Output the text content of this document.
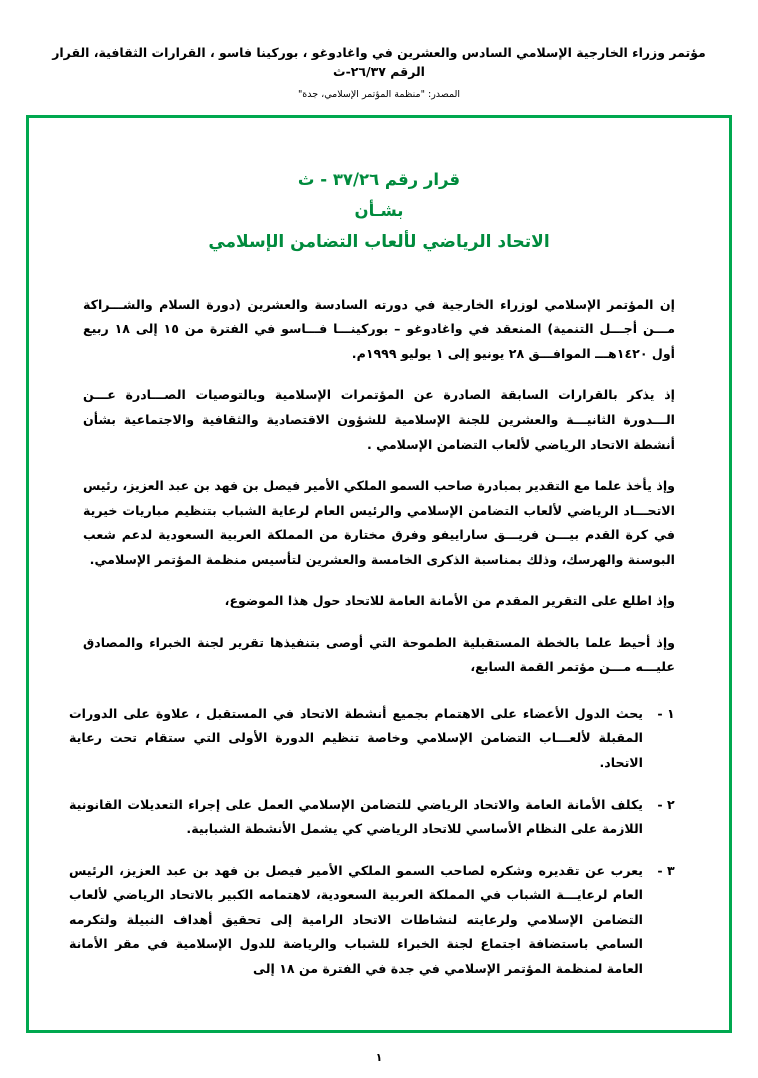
مؤتمر وزراء الخارجية الإسلامي السادس والعشرين في واغادوغو ، بوركينا فاسو ، القرارات الثقافية، القرار الرقم ٢٦/٣٧-ث
المصدر: "منظمة المؤتمر الإسلامي، جدة"
قرار رقم ٣٧/٢٦ - ث
بشـأن
الاتحاد الرياضي لألعاب التضامن الإسلامي

إن المؤتمر الإسلامي لوزراء الخارجية في دورته السادسة والعشرين (دورة السلام والشـــراكة مـــن أجـــل التنمية) المنعقد في واغادوغو – بوركينـــا فـــاسو في الفترة من ١٥ إلى ١٨ ربيع أول ١٤٢٠هـــ الموافـــق ٢٨ يونيو إلى ١ يوليو ١٩٩٩م.

إذ يذكر بالقرارات السابقة الصادرة عن المؤتمرات الإسلامية وبالتوصيات الصـــادرة عـــن الـــدورة الثانيـــة والعشرين للجنة الإسلامية للشؤون الاقتصادية والثقافية والاجتماعية بشأن أنشطة الاتحاد الرياضي لألعاب التضامن الإسلامي .

وإذ يأخذ علما مع التقدير بمبادرة صاحب السمو الملكي الأمير فيصل بن فهد بن عبد العزيز، رئيس الاتحـــاد الرياضي لألعاب التضامن الإسلامي والرئيس العام لرعاية الشباب بتنظيم مباريات خيرية في كرة القدم بيـــن فريـــق ساراييفو وفرق مختارة من المملكة العربية السعودية لدعم شعب البوسنة والهرسك، وذلك بمناسبة الذكرى الخامسة والعشرين لتأسيس منظمة المؤتمر الإسلامي.

وإذ اطلع على التقرير المقدم من الأمانة العامة للاتحاد حول هذا الموضوع،

وإذ أحيط علما بالخطة المستقبلية الطموحة التي أوصى بتنفيذها تقرير لجنة الخبراء والمصادق عليـــه مـــن مؤتمر القمة السابع،

١ -
يحث الدول الأعضاء على الاهتمام بجميع أنشطة الاتحاد في المستقبل ، علاوة على الدورات المقبلة لألعـــاب التضامن الإسلامي وخاصة تنظيم الدورة الأولى التي ستقام تحت رعاية الاتحاد.
٢ -
يكلف الأمانة العامة والاتحاد الرياضي للتضامن الإسلامي العمل على إجراء التعديلات القانونية اللازمة على النظام الأساسي للاتحاد الرياضي كي يشمل الأنشطة الشبابية.
٣ -
يعرب عن تقديره وشكره لصاحب السمو الملكي الأمير فيصل بن فهد بن عبد العزيز، الرئيس العام لرعايـــة الشباب في المملكة العربية السعودية، لاهتمامه الكبير بالاتحاد الرياضي لألعاب التضامن الإسلامي ولرعايته لنشاطات الاتحاد الرامية إلى تحقيق أهداف النبيلة ولتكرمه السامي باستضافة اجتماع لجنة الخبراء للشباب والرياضة للدول الإسلامية في مقر الأمانة العامة لمنظمة المؤتمر الإسلامي في جدة في الفترة من ١٨ إلى
١
